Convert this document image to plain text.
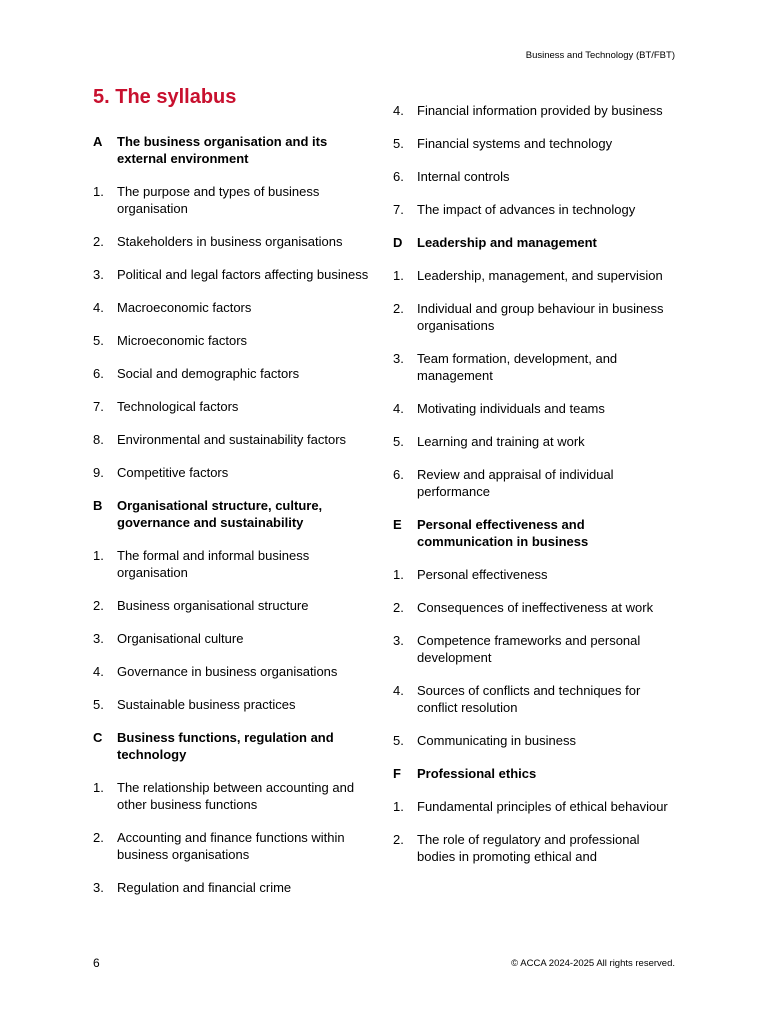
Business and Technology (BT/FBT)
5. The syllabus
A	The business organisation and its external environment
1.	The purpose and types of business organisation
2.	Stakeholders in business organisations
3.	Political and legal factors affecting business
4.	Macroeconomic factors
5.	Microeconomic factors
6.	Social and demographic factors
7.	Technological factors
8.	Environmental and sustainability factors
9.	Competitive factors
B	Organisational structure, culture, governance and sustainability
1.	The formal and informal business organisation
2.	Business organisational structure
3.	Organisational culture
4.	Governance in business organisations
5.	Sustainable business practices
C	Business functions, regulation and technology
1.	The relationship between accounting and other business functions
2.	Accounting and finance functions within business organisations
3.	Regulation and financial crime
4.	Financial information provided by business
5.	Financial systems and technology
6.	Internal controls
7.	The impact of advances in technology
D	Leadership and management
1.	Leadership, management, and supervision
2.	Individual and group behaviour in business organisations
3.	Team formation, development, and management
4.	Motivating individuals and teams
5.	Learning and training at work
6.	Review and appraisal of individual performance
E	Personal effectiveness and communication in business
1.	Personal effectiveness
2.	Consequences of ineffectiveness at work
3.	Competence frameworks and personal development
4.	Sources of conflicts and techniques for conflict resolution
5.	Communicating in business
F	Professional ethics
1.	Fundamental principles of ethical behaviour
2.	The role of regulatory and professional bodies in promoting ethical and
6	© ACCA 2024-2025 All rights reserved.
